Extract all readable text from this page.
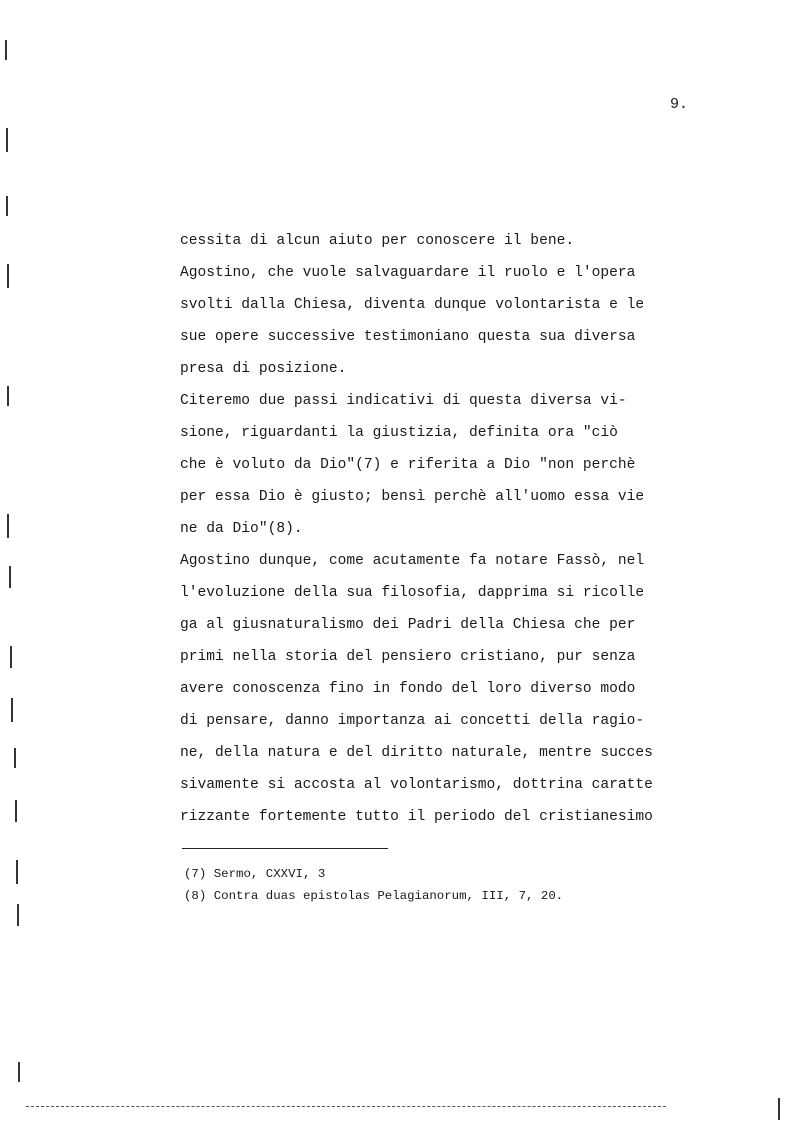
9.
cessita di alcun aiuto per conoscere il bene.
Agostino, che vuole salvaguardare il ruolo e l'opera
svolti dalla Chiesa, diventa dunque volontarista e le
sue opere successive testimoniano questa sua diversa
presa di posizione.
Citeremo due passi indicativi di questa diversa vi-
sione, riguardanti la giustizia, definita ora "ciò
che è voluto da Dio"(7) e riferita a Dio "non perchè
per essa Dio è giusto; bensì perchè all'uomo essa vie
ne da Dio"(8).
Agostino dunque, come acutamente fa notare Fassò, nel
l'evoluzione della sua filosofia, dapprima si ricolle
ga al giusnaturalismo dei Padri della Chiesa che per
primi nella storia del pensiero cristiano, pur senza
avere conoscenza fino in fondo del loro diverso modo
di pensare, danno importanza ai concetti della ragio-
ne, della natura e del diritto naturale, mentre succes
sivamente si accosta al volontarismo, dottrina caratte
rizzante fortemente tutto il periodo del cristianesimo
(7) Sermo, CXXVI, 3
(8) Contra duas epistolas Pelagianorum, III, 7, 20.
